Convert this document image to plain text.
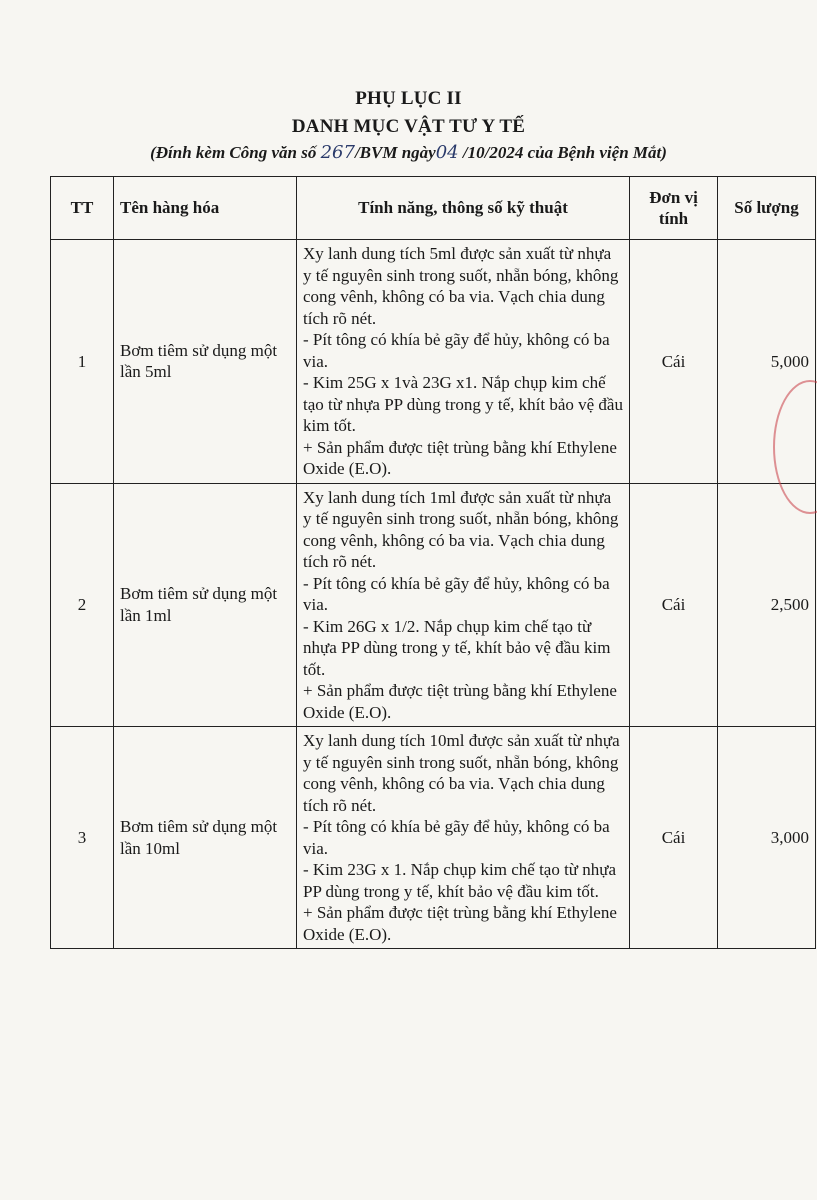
PHỤ LỤC II
DANH MỤC VẬT TƯ Y TẾ
(Đính kèm Công văn số 267/BVM ngày04 /10/2024 của Bệnh viện Mắt)
TT	Tên hàng hóa	Tính năng, thông số kỹ thuật	Đơn vị tính	Số lượng
1	Bơm tiêm sử dụng một lần 5ml	Xy lanh dung tích 5ml được sản xuất từ nhựa y tế nguyên sinh trong suốt, nhẵn bóng, không cong vênh, không có ba via. Vạch chia dung tích rõ nét.
- Pít tông có khía bẻ gãy để hủy, không có ba via.
- Kim 25G x 1và 23G x1. Nắp chụp kim chế tạo từ nhựa PP dùng trong y tế, khít bảo vệ đầu kim tốt.
+ Sản phẩm được tiệt trùng bằng khí Ethylene Oxide (E.O).	Cái	5,000
2	Bơm tiêm sử dụng một lần 1ml	Xy lanh dung tích 1ml được sản xuất từ nhựa y tế nguyên sinh trong suốt, nhẵn bóng, không cong vênh, không có ba via. Vạch chia dung tích rõ nét.
- Pít tông có khía bẻ gãy để hủy, không có ba via.
- Kim 26G x 1/2. Nắp chụp kim chế tạo từ nhựa PP dùng trong y tế, khít bảo vệ đầu kim tốt.
+ Sản phẩm được tiệt trùng bằng khí Ethylene Oxide (E.O).	Cái	2,500
3	Bơm tiêm sử dụng một lần 10ml	Xy lanh dung tích 10ml được sản xuất từ nhựa y tế nguyên sinh trong suốt, nhẵn bóng, không cong vênh, không có ba via. Vạch chia dung tích rõ nét.
- Pít tông có khía bẻ gãy để hủy, không có ba via.
- Kim 23G x 1. Nắp chụp kim chế tạo từ nhựa PP dùng trong y tế, khít bảo vệ đầu kim tốt.
+ Sản phẩm được tiệt trùng bằng khí Ethylene Oxide (E.O).	Cái	3,000
